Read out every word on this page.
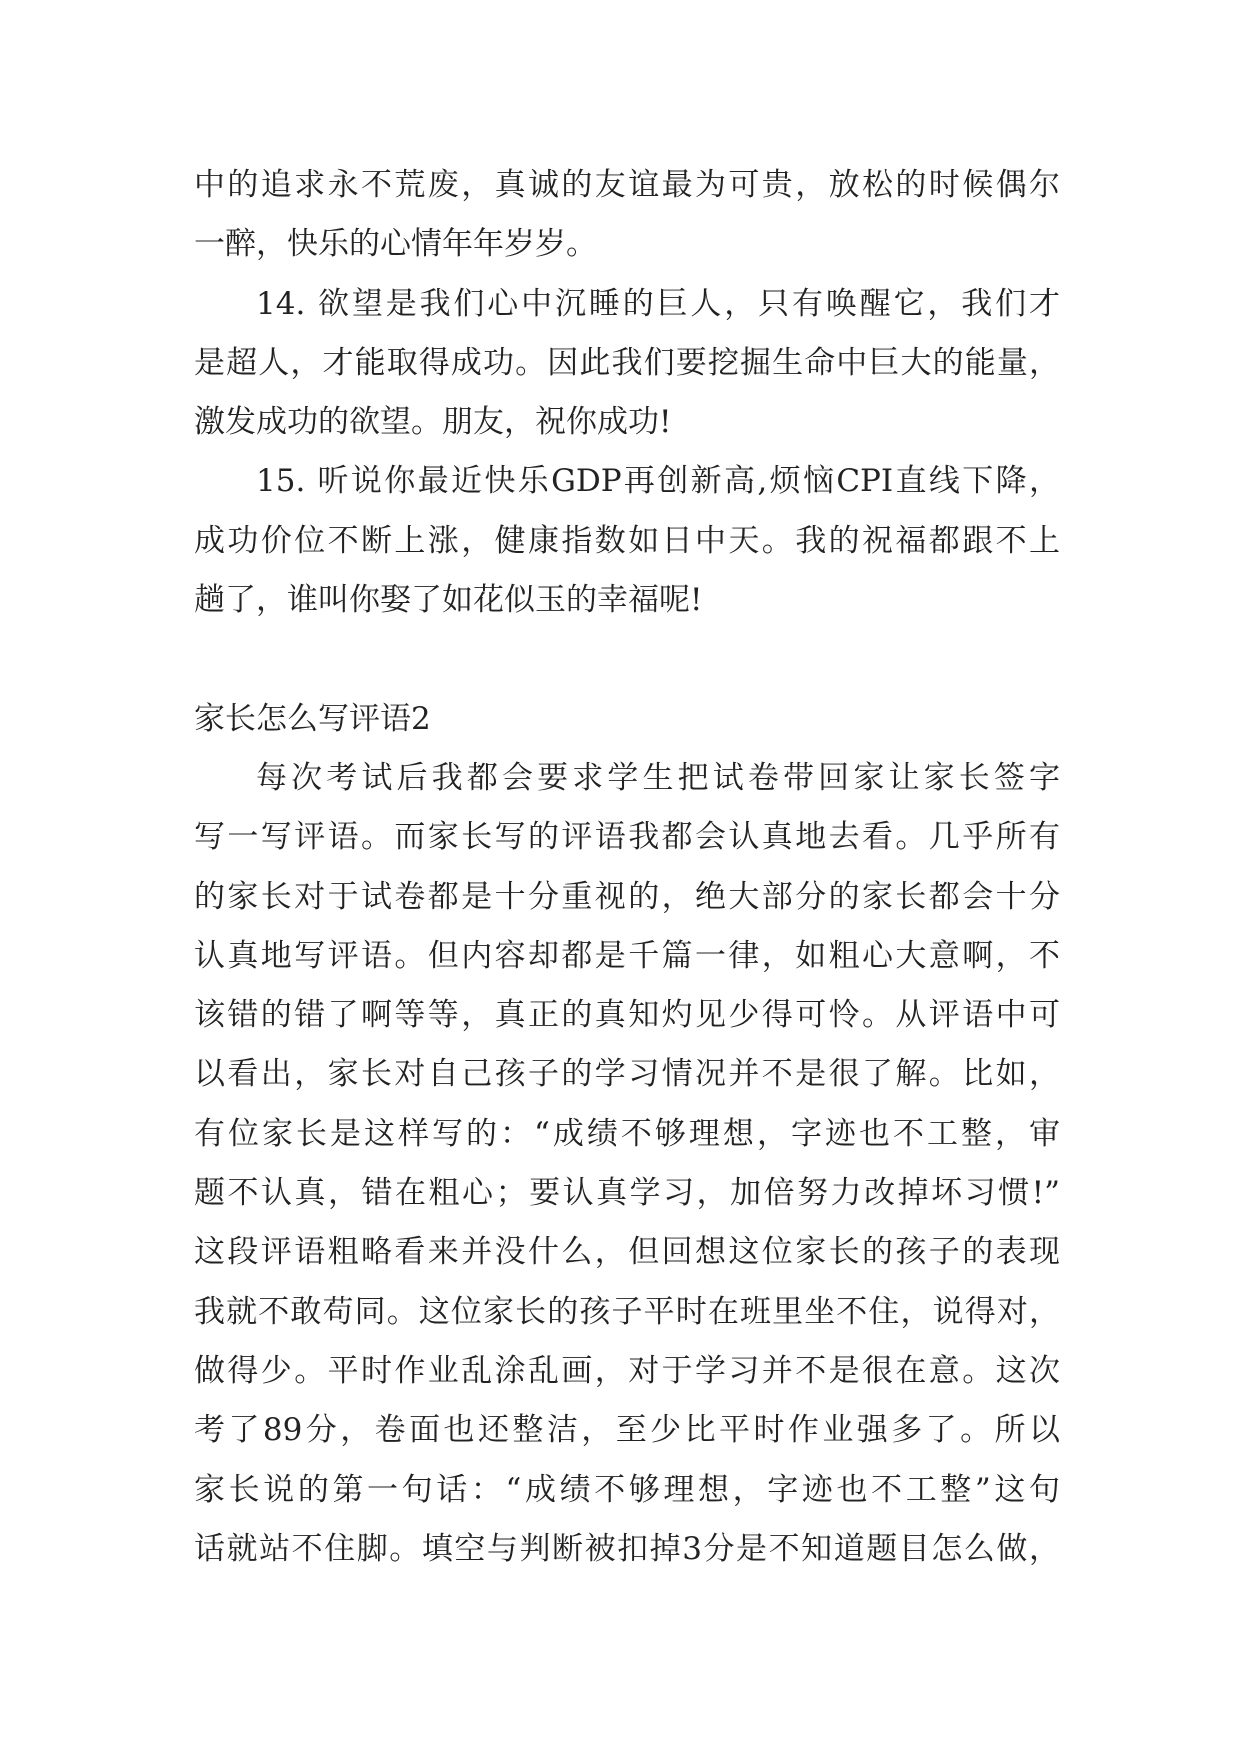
中的追求永不荒废，真诚的友谊最为可贵，放松的时候偶尔
一醉，快乐的心情年年岁岁。
14. 欲望是我们心中沉睡的巨人，只有唤醒它，我们才
是超人，才能取得成功。因此我们要挖掘生命中巨大的能量，
激发成功的欲望。朋友，祝你成功!
15. 听说你最近快乐GDP再创新高,烦恼CPI直线下降，
成功价位不断上涨，健康指数如日中天。我的祝福都跟不上
趟了，谁叫你娶了如花似玉的幸福呢!
家长怎么写评语2
每次考试后我都会要求学生把试卷带回家让家长签字
写一写评语。而家长写的评语我都会认真地去看。几乎所有
的家长对于试卷都是十分重视的，绝大部分的家长都会十分
认真地写评语。但内容却都是千篇一律，如粗心大意啊，不
该错的错了啊等等，真正的真知灼见少得可怜。从评语中可
以看出，家长对自己孩子的学习情况并不是很了解。比如，
有位家长是这样写的：“成绩不够理想，字迹也不工整，审
题不认真，错在粗心；要认真学习，加倍努力改掉坏习惯!”
这段评语粗略看来并没什么，但回想这位家长的孩子的表现
我就不敢苟同。这位家长的孩子平时在班里坐不住，说得对，
做得少。平时作业乱涂乱画，对于学习并不是很在意。这次
考了89分，卷面也还整洁，至少比平时作业强多了。所以
家长说的第一句话：“成绩不够理想，字迹也不工整”这句
话就站不住脚。填空与判断被扣掉3分是不知道题目怎么做，
